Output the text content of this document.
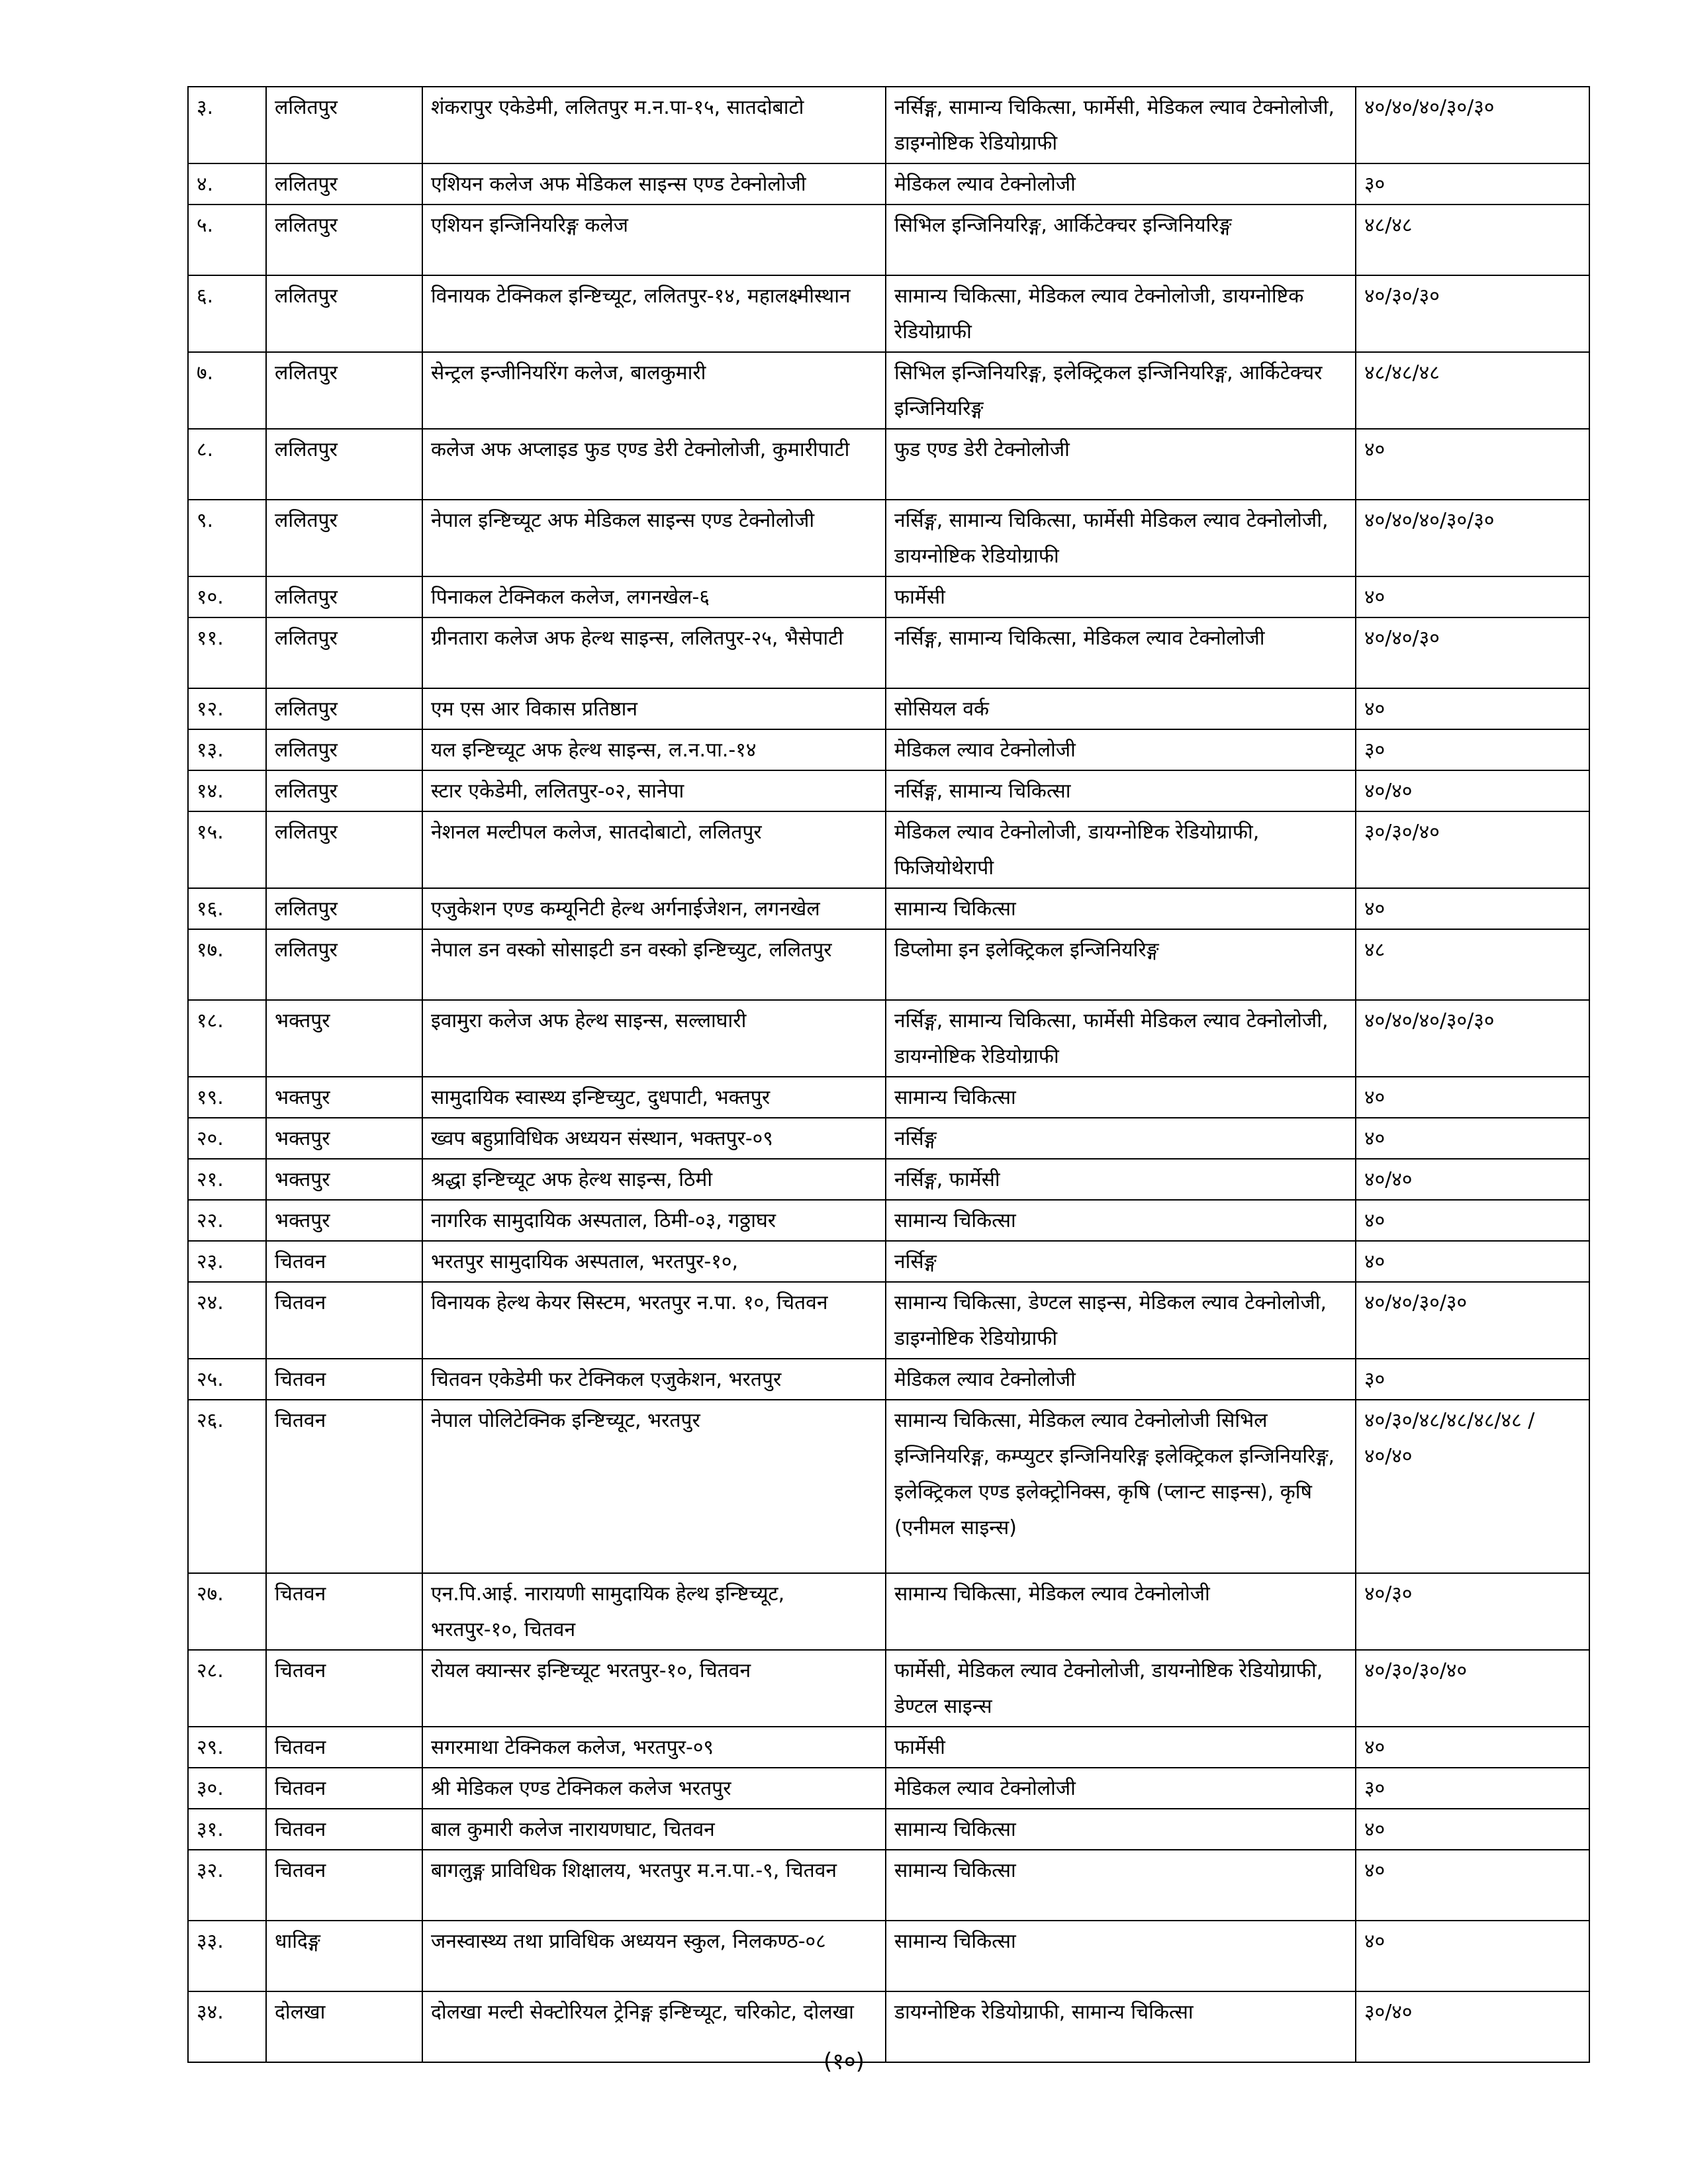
३.	ललितपुर	शंकरापुर एकेडेमी, ललितपुर म.न.पा-१५, सातदोबाटो	नर्सिङ्ग, सामान्य चिकित्सा, फार्मेसी, मेडिकल ल्याव टेक्नोलोजी, डाइग्नोष्टिक रेडियोग्राफी	४०/४०/४०/३०/३०
४.	ललितपुर	एशियन कलेज अफ मेडिकल साइन्स एण्ड टेक्नोलोजी	मेडिकल ल्याव टेक्नोलोजी	३०
५.	ललितपुर	एशियन इन्जिनियरिङ्ग कलेज	सिभिल इन्जिनियरिङ्ग, आर्किटेक्चर इन्जिनियरिङ्ग	४८/४८
६.	ललितपुर	विनायक टेक्निकल इन्ष्टिच्यूट, ललितपुर-१४, महालक्ष्मीस्थान	सामान्य चिकित्सा, मेडिकल ल्याव टेक्नोलोजी, डायग्नोष्टिक रेडियोग्राफी	४०/३०/३०
७.	ललितपुर	सेन्ट्रल इन्जीनियरिंग कलेज, बालकुमारी	सिभिल इन्जिनियरिङ्ग, इलेक्ट्रिकल इन्जिनियरिङ्ग, आर्किटेक्चर इन्जिनियरिङ्ग	४८/४८/४८
८.	ललितपुर	कलेज अफ अप्लाइड फुड एण्ड डेरी टेक्नोलोजी, कुमारीपाटी	फुड एण्ड डेरी टेक्नोलोजी	४०
९.	ललितपुर	नेपाल इन्ष्टिच्यूट अफ मेडिकल साइन्स एण्ड टेक्नोलोजी	नर्सिङ्ग, सामान्य चिकित्सा, फार्मेसी मेडिकल ल्याव टेक्नोलोजी, डायग्नोष्टिक रेडियोग्राफी	४०/४०/४०/३०/३०
१०.	ललितपुर	पिनाकल टेक्निकल कलेज, लगनखेल-६	फार्मेसी	४०
११.	ललितपुर	ग्रीनतारा कलेज अफ हेल्थ साइन्स, ललितपुर-२५, भैसेपाटी	नर्सिङ्ग, सामान्य चिकित्सा, मेडिकल ल्याव टेक्नोलोजी	४०/४०/३०
१२.	ललितपुर	एम एस आर विकास प्रतिष्ठान	सोसियल वर्क	४०
१३.	ललितपुर	यल इन्ष्टिच्यूट अफ हेल्थ साइन्स, ल.न.पा.-१४	मेडिकल ल्याव टेक्नोलोजी	३०
१४.	ललितपुर	स्टार एकेडेमी, ललितपुर-०२, सानेपा	नर्सिङ्ग, सामान्य चिकित्सा	४०/४०
१५.	ललितपुर	नेशनल मल्टीपल कलेज, सातदोबाटो, ललितपुर	मेडिकल ल्याव टेक्नोलोजी, डायग्नोष्टिक रेडियोग्राफी, फिजियोथेरापी	३०/३०/४०
१६.	ललितपुर	एजुकेशन एण्ड कम्यूनिटी हेल्थ अर्गनाईजेशन, लगनखेल	सामान्य चिकित्सा	४०
१७.	ललितपुर	नेपाल डन वस्को सोसाइटी डन वस्को इन्ष्टिच्युट, ललितपुर	डिप्लोमा इन इलेक्ट्रिकल इन्जिनियरिङ्ग	४८
१८.	भक्तपुर	इवामुरा कलेज अफ हेल्थ साइन्स, सल्लाघारी	नर्सिङ्ग, सामान्य चिकित्सा, फार्मेसी मेडिकल ल्याव टेक्नोलोजी, डायग्नोष्टिक रेडियोग्राफी	४०/४०/४०/३०/३०
१९.	भक्तपुर	सामुदायिक स्वास्थ्य इन्ष्टिच्युट, दुधपाटी, भक्तपुर	सामान्य चिकित्सा	४०
२०.	भक्तपुर	ख्वप बहुप्राविधिक अध्ययन संस्थान, भक्तपुर-०९	नर्सिङ्ग	४०
२१.	भक्तपुर	श्रद्धा इन्ष्टिच्यूट अफ हेल्थ साइन्स, ठिमी	नर्सिङ्ग, फार्मेसी	४०/४०
२२.	भक्तपुर	नागरिक सामुदायिक अस्पताल, ठिमी-०३, गठ्ठाघर	सामान्य चिकित्सा	४०
२३.	चितवन	भरतपुर सामुदायिक अस्पताल, भरतपुर-१०,	नर्सिङ्ग	४०
२४.	चितवन	विनायक हेल्थ केयर सिस्टम, भरतपुर न.पा. १०, चितवन	सामान्य चिकित्सा, डेण्टल साइन्स, मेडिकल ल्याव टेक्नोलोजी, डाइग्नोष्टिक रेडियोग्राफी	४०/४०/३०/३०
२५.	चितवन	चितवन एकेडेमी फर टेक्निकल एजुकेशन, भरतपुर	मेडिकल ल्याव टेक्नोलोजी	३०
२६.	चितवन	नेपाल पोलिटेक्निक इन्ष्टिच्यूट, भरतपुर	सामान्य चिकित्सा, मेडिकल ल्याव टेक्नोलोजी सिभिल इन्जिनियरिङ्ग, कम्प्युटर इन्जिनियरिङ्ग इलेक्ट्रिकल इन्जिनियरिङ्ग, इलेक्ट्रिकल एण्ड इलेक्ट्रोनिक्स, कृषि (प्लान्ट साइन्स), कृषि (एनीमल साइन्स)	४०/३०/४८/४८/४८/४८ /४०/४०
२७.	चितवन	एन.पि.आई. नारायणी सामुदायिक हेल्थ इन्ष्टिच्यूट, भरतपुर-१०, चितवन	सामान्य चिकित्सा, मेडिकल ल्याव टेक्नोलोजी	४०/३०
२८.	चितवन	रोयल क्यान्सर इन्ष्टिच्यूट भरतपुर-१०, चितवन	फार्मेसी, मेडिकल ल्याव टेक्नोलोजी, डायग्नोष्टिक रेडियोग्राफी, डेण्टल साइन्स	४०/३०/३०/४०
२९.	चितवन	सगरमाथा टेक्निकल कलेज, भरतपुर-०९	फार्मेसी	४०
३०.	चितवन	श्री मेडिकल एण्ड टेक्निकल कलेज भरतपुर	मेडिकल ल्याव टेक्नोलोजी	३०
३१.	चितवन	बाल कुमारी कलेज नारायणघाट, चितवन	सामान्य चिकित्सा	४०
३२.	चितवन	बागलुङ्ग प्राविधिक शिक्षालय, भरतपुर म.न.पा.-९, चितवन	सामान्य चिकित्सा	४०
३३.	धादिङ्ग	जनस्वास्थ्य तथा प्राविधिक अध्ययन स्कुल, निलकण्ठ-०८	सामान्य चिकित्सा	४०
३४.	दोलखा	दोलखा मल्टी सेक्टोरियल ट्रेनिङ्ग इन्ष्टिच्यूट, चरिकोट, दोलखा	डायग्नोष्टिक रेडियोग्राफी, सामान्य चिकित्सा	३०/४०
(१०)
